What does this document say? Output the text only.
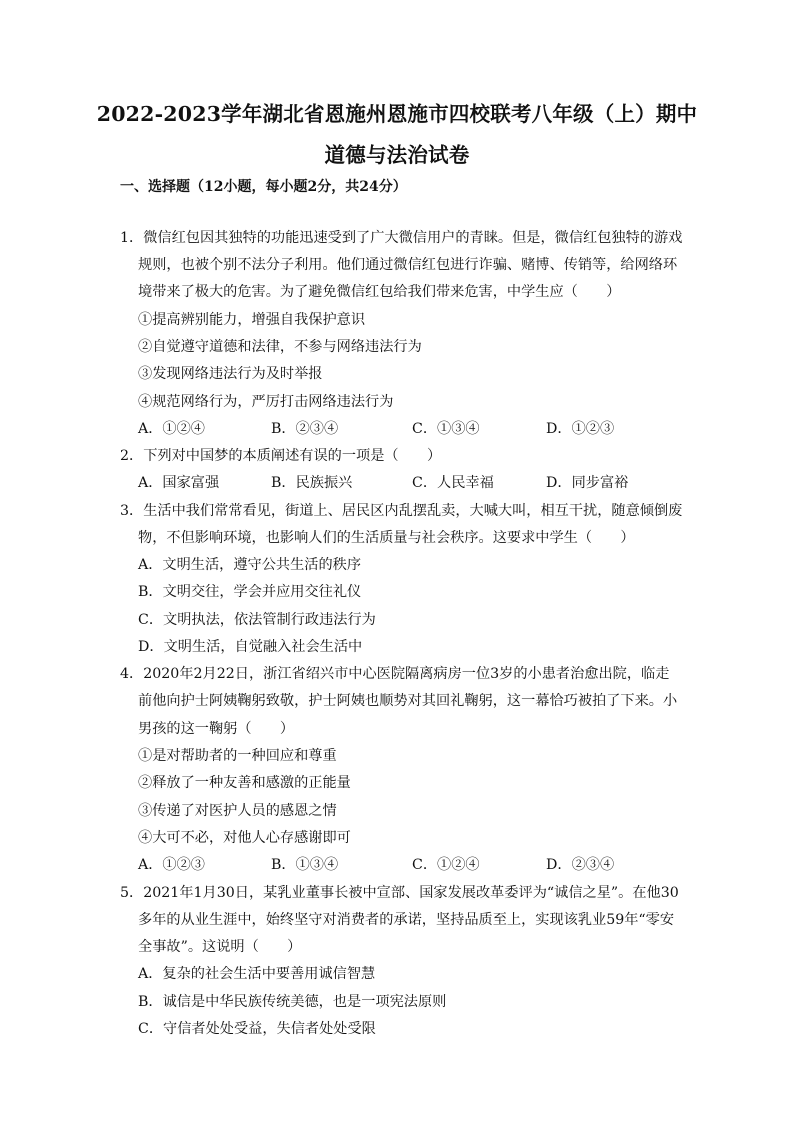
2022-2023学年湖北省恩施州恩施市四校联考八年级（上）期中
道德与法治试卷
一、选择题（12小题，每小题2分，共24分）
1．微信红包因其独特的功能迅速受到了广大微信用户的青睐。但是，微信红包独特的游戏
规则，也被个别不法分子利用。他们通过微信红包进行诈骗、赌博、传销等，给网络环
境带来了极大的危害。为了避免微信红包给我们带来危害，中学生应（　　）
①提高辨别能力，增强自我保护意识
②自觉遵守道德和法律，不参与网络违法行为
③发现网络违法行为及时举报
④规范网络行为，严厉打击网络违法行为
A．①②④	B．②③④	C．①③④	D．①②③
2．下列对中国梦的本质阐述有误的一项是（　　）
A．国家富强	B．民族振兴	C．人民幸福	D．同步富裕
3．生活中我们常常看见，街道上、居民区内乱摆乱卖，大喊大叫，相互干扰，随意倾倒废
物，不但影响环境，也影响人们的生活质量与社会秩序。这要求中学生（　　）
A．文明生活，遵守公共生活的秩序
B．文明交往，学会并应用交往礼仪
C．文明执法，依法管制行政违法行为
D．文明生活，自觉融入社会生活中
4．2020年2月22日，浙江省绍兴市中心医院隔离病房一位3岁的小患者治愈出院，临走
前他向护士阿姨鞠躬致敬，护士阿姨也顺势对其回礼鞠躬，这一幕恰巧被拍了下来。小
男孩的这一鞠躬（　　）
①是对帮助者的一种回应和尊重
②释放了一种友善和感激的正能量
③传递了对医护人员的感恩之情
④大可不必，对他人心存感谢即可
A．①②③	B．①③④	C．①②④	D．②③④
5．2021年1月30日，某乳业董事长被中宣部、国家发展改革委评为“诚信之星”。在他30
多年的从业生涯中，始终坚守对消费者的承诺，坚持品质至上，实现该乳业59年“零安
全事故”。这说明（　　）
A．复杂的社会生活中要善用诚信智慧
B．诚信是中华民族传统美德，也是一项宪法原则
C．守信者处处受益，失信者处处受限
